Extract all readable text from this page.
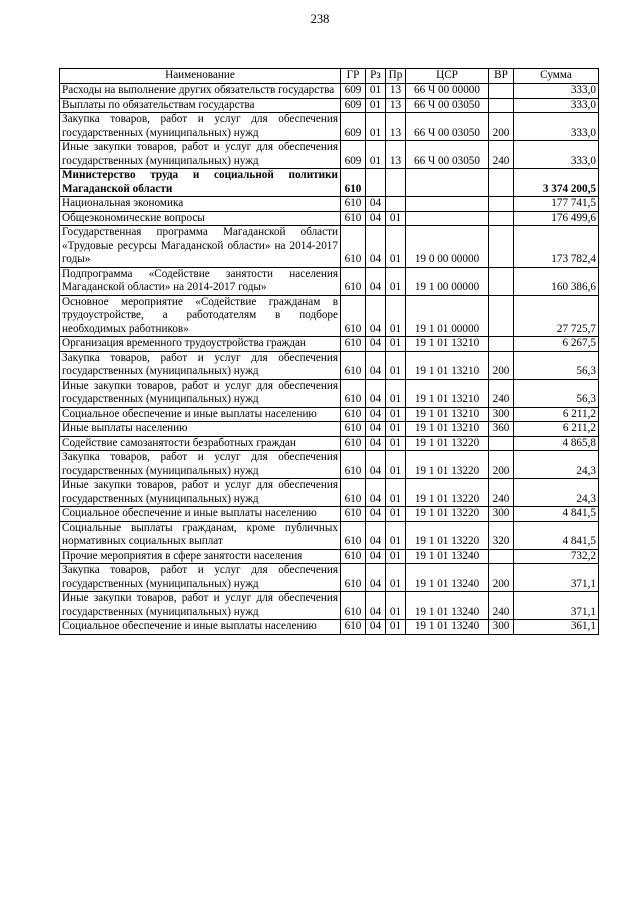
238
Наименование	ГР	Рз	Пр	ЦСР	ВР	Сумма
Расходы на выполнение других обязательств государства	609	01	13	66 Ч 00 00000		333,0
Выплаты по обязательствам государства	609	01	13	66 Ч 00 03050		333,0
Закупка товаров, работ и услуг для обеспечения государственных (муниципальных) нужд	609	01	13	66 Ч 00 03050	200	333,0
Иные закупки товаров, работ и услуг для обеспечения государственных (муниципальных) нужд	609	01	13	66 Ч 00 03050	240	333,0
Министерство труда и социальной политики Магаданской области	610					3 374 200,5
Национальная экономика	610	04				177 741,5
Общеэкономические вопросы	610	04	01			176 499,6
Государственная программа Магаданской области «Трудовые ресурсы Магаданской области» на 2014-2017 годы»	610	04	01	19 0 00 00000		173 782,4
Подпрограмма «Содействие занятости населения Магаданской области» на 2014-2017 годы»	610	04	01	19 1 00 00000		160 386,6
Основное мероприятие «Содействие гражданам в трудоустройстве, а работодателям в подборе необходимых работников»	610	04	01	19 1 01 00000		27 725,7
Организация временного трудоустройства граждан	610	04	01	19 1 01 13210		6 267,5
Закупка товаров, работ и услуг для обеспечения государственных (муниципальных) нужд	610	04	01	19 1 01 13210	200	56,3
Иные закупки товаров, работ и услуг для обеспечения государственных (муниципальных) нужд	610	04	01	19 1 01 13210	240	56,3
Социальное обеспечение и иные выплаты населению	610	04	01	19 1 01 13210	300	6 211,2
Иные выплаты населению	610	04	01	19 1 01 13210	360	6 211,2
Содействие самозанятости безработных граждан	610	04	01	19 1 01 13220		4 865,8
Закупка товаров, работ и услуг для обеспечения государственных (муниципальных) нужд	610	04	01	19 1 01 13220	200	24,3
Иные закупки товаров, работ и услуг для обеспечения государственных (муниципальных) нужд	610	04	01	19 1 01 13220	240	24,3
Социальное обеспечение и иные выплаты населению	610	04	01	19 1 01 13220	300	4 841,5
Социальные выплаты гражданам, кроме публичных нормативных социальных выплат	610	04	01	19 1 01 13220	320	4 841,5
Прочие мероприятия в сфере занятости населения	610	04	01	19 1 01 13240		732,2
Закупка товаров, работ и услуг для обеспечения государственных (муниципальных) нужд	610	04	01	19 1 01 13240	200	371,1
Иные закупки товаров, работ и услуг для обеспечения государственных (муниципальных) нужд	610	04	01	19 1 01 13240	240	371,1
Социальное обеспечение и иные выплаты населению	610	04	01	19 1 01 13240	300	361,1
